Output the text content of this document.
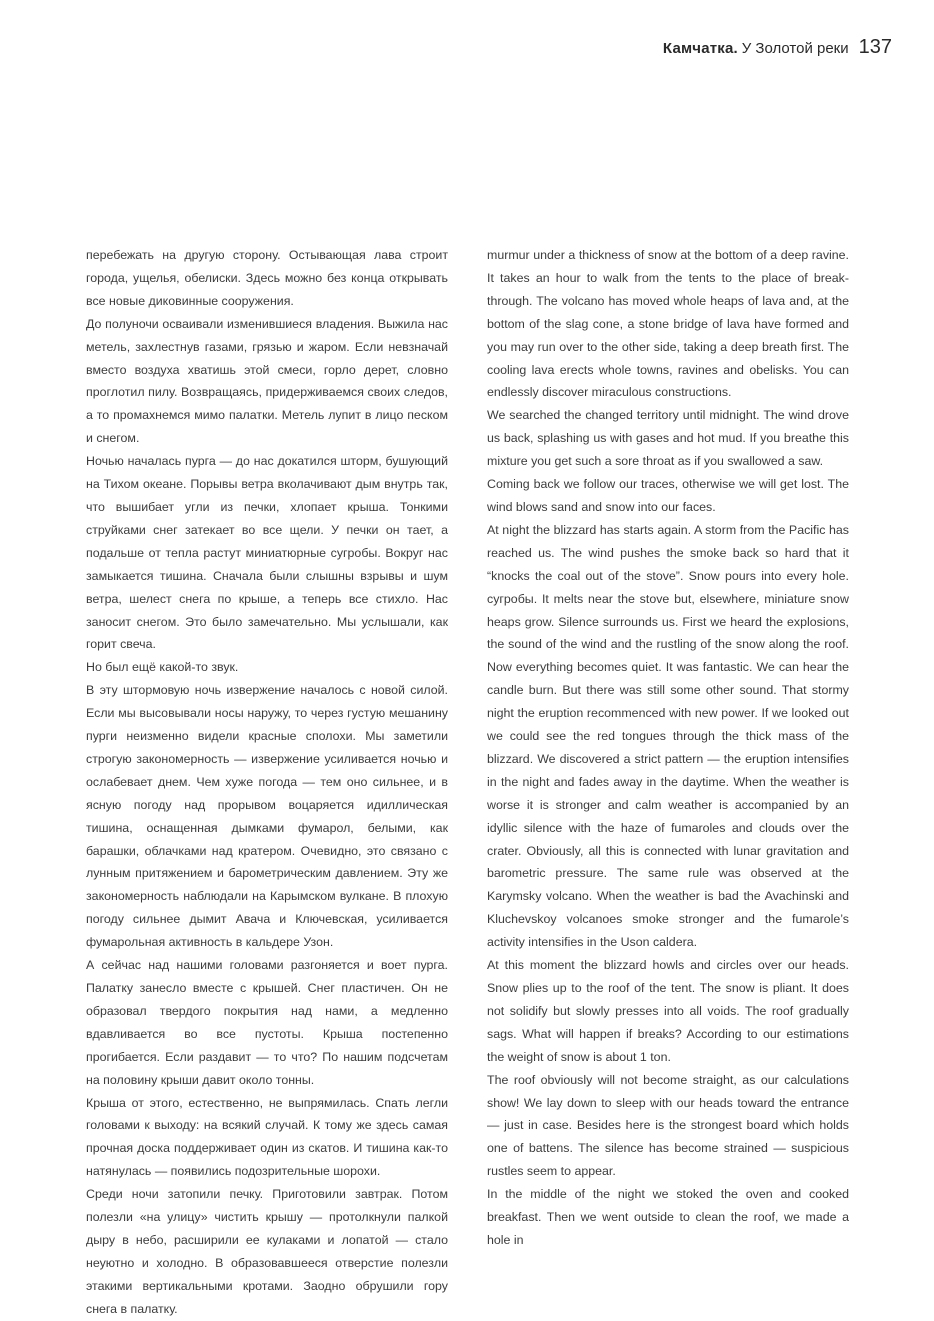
Камчатка . У Золотой реки 137

перебежать на другую сторону. Остывающая лава строит города, ущелья, обелиски. Здесь можно без конца открывать все новые диковинные сооружения.

До полуночи осваивали изменившиеся владения. Выжила нас метель, захлестнув газами, грязью и жаром. Если невзначай вместо воздуха хватишь этой смеси, горло дерет, словно проглотил пилу. Возвращаясь, придерживаемся своих следов, а то промахнемся мимо палатки. Метель лупит в лицо песком и снегом.

Ночью началась пурга — до нас докатился шторм, бушующий на Тихом океане. Порывы ветра вколачивают дым внутрь так, что вышибает угли из печки, хлопает крыша. Тонкими струйками снег затекает во все щели. У печки он тает, а подальше от тепла растут миниатюрные сугробы. Вокруг нас замыкается тишина. Сначала были слышны взрывы и шум ветра, шелест снега по крыше, а теперь все стихло. Нас заносит снегом. Это было замечательно. Мы услышали, как горит свеча.

Но был ещё какой-то звук.

В эту штормовую ночь извержение началось с новой силой. Если мы высовывали носы наружу, то через густую мешанину пурги неизменно видели красные сполохи. Мы заметили строгую закономерность — извержение усиливается ночью и ослабевает днем. Чем хуже погода — тем оно сильнее, и в ясную погоду над прорывом воцаряется идиллическая тишина, оснащенная дымками фумарол, белыми, как барашки, облачками над кратером. Очевидно, это связано с лунным притяжением и барометрическим давлением. Эту же закономерность наблюдали на Карымском вулкане. В плохую погоду сильнее дымит Авача и Ключевская, усиливается фумарольная активность в кальдере Узон.

А сейчас над нашими головами разгоняется и воет пурга. Палатку занесло вместе с крышей. Снег пластичен. Он не образовал твердого покрытия над нами, а медленно вдавливается во все пустоты. Крыша постепенно прогибается. Если раздавит — то что? По нашим подсчетам на половину крыши давит около тонны.

Крыша от этого, естественно, не выпрямилась. Спать легли головами к выходу: на всякий случай. К тому же здесь самая прочная доска поддерживает один из скатов. И тишина как-то натянулась — появились подозрительные шорохи.

Среди ночи затопили печку. Приготовили завтрак. Потом полезли «на улицу» чистить крышу — протолкнули палкой дыру в небо, расширили ее кулаками и лопатой — стало неуютно и холодно. В образовавшееся отверстие полезли этакими вертикальными кротами. Заодно обрушили гору снега в палатку.

murmur under a thickness of snow at the bottom of a deep ravine. It takes an hour to walk from the tents to the place of break-through. The volcano has moved whole heaps of lava and, at the bottom of the slag cone, a stone bridge of lava have formed and you may run over to the other side, taking a deep breath first. The cooling lava erects whole towns, ravines and obelisks. You can endlessly discover miraculous constructions.

We searched the changed territory until midnight. The wind drove us back, splashing us with gases and hot mud. If you breathe this mixture you get such a sore throat as if you swallowed a saw.

Coming back we follow our traces, otherwise we will get lost. The wind blows sand and snow into our faces.

At night the blizzard has starts again. A storm from the Pacific has reached us. The wind pushes the smoke back so hard that it “knocks the coal out of the stove”. Snow pours into every hole. сугробы. It melts near the stove but, elsewhere, miniature snow heaps grow. Silence surrounds us. First we heard the explosions, the sound of the wind and the rustling of the snow along the roof. Now everything becomes quiet. It was fantastic. We can hear the candle burn. But there was still some other sound. That stormy night the eruption recommenced with new power. If we looked out we could see the red tongues through the thick mass of the blizzard. We discovered a strict pattern — the eruption intensifies in the night and fades away in the daytime. When the weather is worse it is stronger and calm weather is accompanied by an idyllic silence with the haze of fumaroles and clouds over the crater. Obviously, all this is connected with lunar gravitation and barometric pressure. The same rule was observed at the Karymsky volcano. When the weather is bad the Avachinski and Kluchevskoy volcanoes smoke stronger and the fumarole’s activity intensifies in the Uson caldera.

At this moment the blizzard howls and circles over our heads. Snow plies up to the roof of the tent. The snow is pliant. It does not solidify but slowly presses into all voids. The roof gradually sags. What will happen if breaks? According to our estimations the weight of snow is about 1 ton.

The roof obviously will not become straight, as our calculations show! We lay down to sleep with our heads toward the entrance — just in case. Besides here is the strongest board which holds one of battens. The silence has become strained — suspicious rustles seem to appear.

In the middle of the night we stoked the oven and cooked breakfast. Then we went outside to clean the roof, we made a hole in
